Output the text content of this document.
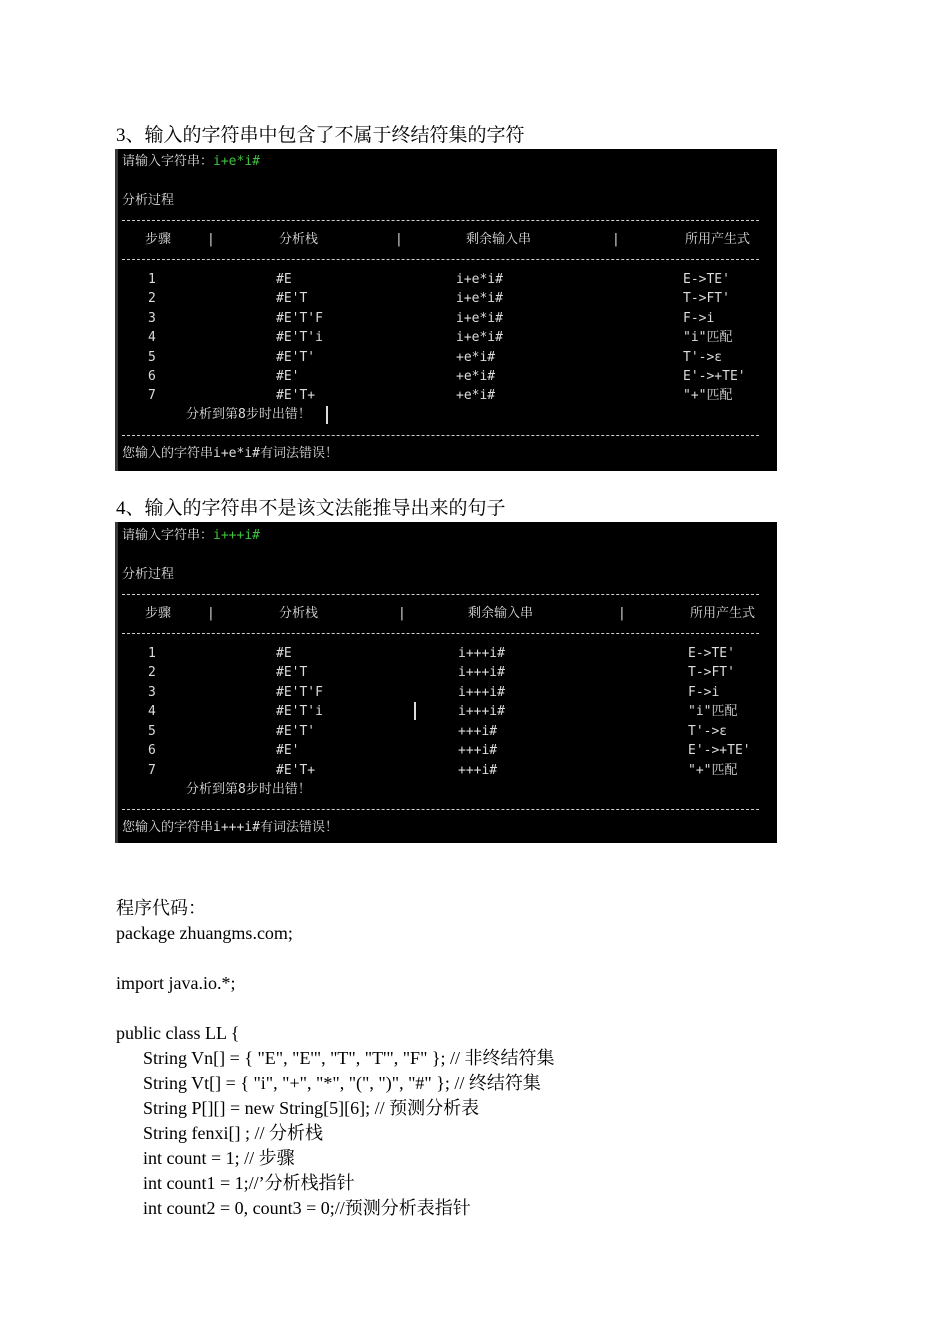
3、输入的字符串中包含了不属于终结符集的字符
请输入字符串：i+e*i#
分析过程
步骤	|	分析栈	|	剩余输入串	|	所用产生式
1	#E	i+e*i#	E->TE'
2	#E'T	i+e*i#	T->FT'
3	#E'T'F	i+e*i#	F->i
4	#E'T'i	i+e*i#	"i"匹配
5	#E'T'	+e*i#	T'->ε
6	#E'	+e*i#	E'->+TE'
7	#E'T+	+e*i#	"+"匹配
分析到第8步时出错！
您输入的字符串i+e*i#有词法错误！
4、输入的字符串不是该文法能推导出来的句子
请输入字符串：i+++i#
分析过程
步骤	|	分析栈	|	剩余输入串	|	所用产生式
1	#E	i+++i#	E->TE'
2	#E'T	i+++i#	T->FT'
3	#E'T'F	i+++i#	F->i
4	#E'T'i	i+++i#	"i"匹配
5	#E'T'	+++i#	T'->ε
6	#E'	+++i#	E'->+TE'
7	#E'T+	+++i#	"+"匹配
分析到第8步时出错！
您输入的字符串i+++i#有词法错误！
程序代码：
package zhuangms.com;
import java.io.*;
public class LL {
String Vn[] = { "E", "E'", "T", "T'", "F" }; // 非终结符集
String Vt[] = { "i", "+", "*", "(", ")", "#" }; // 终结符集
String P[][] = new String[5][6]; // 预测分析表
String fenxi[] ; // 分析栈
int count = 1; // 步骤
int count1 = 1;//’分析栈指针
int count2 = 0, count3 = 0;//预测分析表指针
